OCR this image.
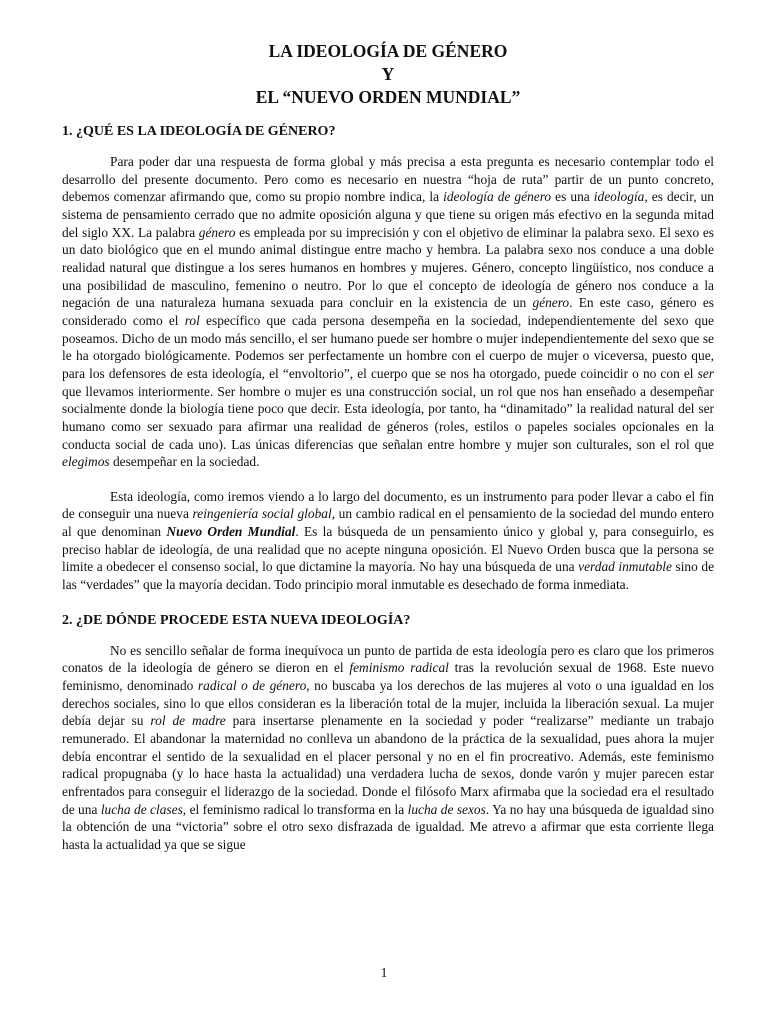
LA IDEOLOGÍA DE GÉNERO
Y
EL “NUEVO ORDEN MUNDIAL”
1. ¿QUÉ ES LA IDEOLOGÍA DE GÉNERO?

Para poder dar una respuesta de forma global y más precisa a esta pregunta es necesario contemplar todo el desarrollo del presente documento. Pero como es necesario en nuestra “hoja de ruta” partir de un punto concreto, debemos comenzar afirmando que, como su propio nombre indica, la ideología de género es una ideología, es decir, un sistema de pensamiento cerrado que no admite oposición alguna y que tiene su origen más efectivo en la segunda mitad del siglo XX. La palabra género es empleada por su imprecisión y con el objetivo de eliminar la palabra sexo. El sexo es un dato biológico que en el mundo animal distingue entre macho y hembra. La palabra sexo nos conduce a una doble realidad natural que distingue a los seres humanos en hombres y mujeres. Género, concepto lingüístico, nos conduce a una posibilidad de masculino, femenino o neutro. Por lo que el concepto de ideología de género nos conduce a la negación de una naturaleza humana sexuada para concluir en la existencia de un género. En este caso, género es considerado como el rol específico que cada persona desempeña en la sociedad, independientemente del sexo que poseamos. Dicho de un modo más sencillo, el ser humano puede ser hombre o mujer independientemente del sexo que se le ha otorgado biológicamente. Podemos ser perfectamente un hombre con el cuerpo de mujer o viceversa, puesto que, para los defensores de esta ideología, el “envoltorio”, el cuerpo que se nos ha otorgado, puede coincidir o no con el ser que llevamos interiormente. Ser hombre o mujer es una construcción social, un rol que nos han enseñado a desempeñar socialmente donde la biología tiene poco que decir. Esta ideología, por tanto, ha “dinamitado” la realidad natural del ser humano como ser sexuado para afirmar una realidad de géneros (roles, estilos o papeles sociales opcionales en la conducta social de cada uno). Las únicas diferencias que señalan entre hombre y mujer son culturales, son el rol que elegimos desempeñar en la sociedad.

Esta ideología, como iremos viendo a lo largo del documento, es un instrumento para poder llevar a cabo el fin de conseguir una nueva reingeniería social global, un cambio radical en el pensamiento de la sociedad del mundo entero al que denominan Nuevo Orden Mundial. Es la búsqueda de un pensamiento único y global y, para conseguirlo, es preciso hablar de ideología, de una realidad que no acepte ninguna oposición. El Nuevo Orden busca que la persona se limite a obedecer el consenso social, lo que dictamine la mayoría. No hay una búsqueda de una verdad inmutable sino de las “verdades” que la mayoría decidan. Todo principio moral inmutable es desechado de forma inmediata.

2. ¿DE DÓNDE PROCEDE ESTA NUEVA IDEOLOGÍA?

No es sencillo señalar de forma inequívoca un punto de partida de esta ideología pero es claro que los primeros conatos de la ideología de género se dieron en el feminismo radical tras la revolución sexual de 1968. Este nuevo feminismo, denominado radical o de género, no buscaba ya los derechos de las mujeres al voto o una igualdad en los derechos sociales, sino lo que ellos consideran es la liberación total de la mujer, incluida la liberación sexual. La mujer debía dejar su rol de madre para insertarse plenamente en la sociedad y poder “realizarse” mediante un trabajo remunerado. El abandonar la maternidad no conlleva un abandono de la práctica de la sexualidad, pues ahora la mujer debía encontrar el sentido de la sexualidad en el placer personal y no en el fin procreativo. Además, este feminismo radical propugnaba (y lo hace hasta la actualidad) una verdadera lucha de sexos, donde varón y mujer parecen estar enfrentados para conseguir el liderazgo de la sociedad. Donde el filósofo Marx afirmaba que la sociedad era el resultado de una lucha de clases, el feminismo radical lo transforma en la lucha de sexos. Ya no hay una búsqueda de igualdad sino la obtención de una “victoria” sobre el otro sexo disfrazada de igualdad. Me atrevo a afirmar que esta corriente llega hasta la actualidad ya que se sigue

1
